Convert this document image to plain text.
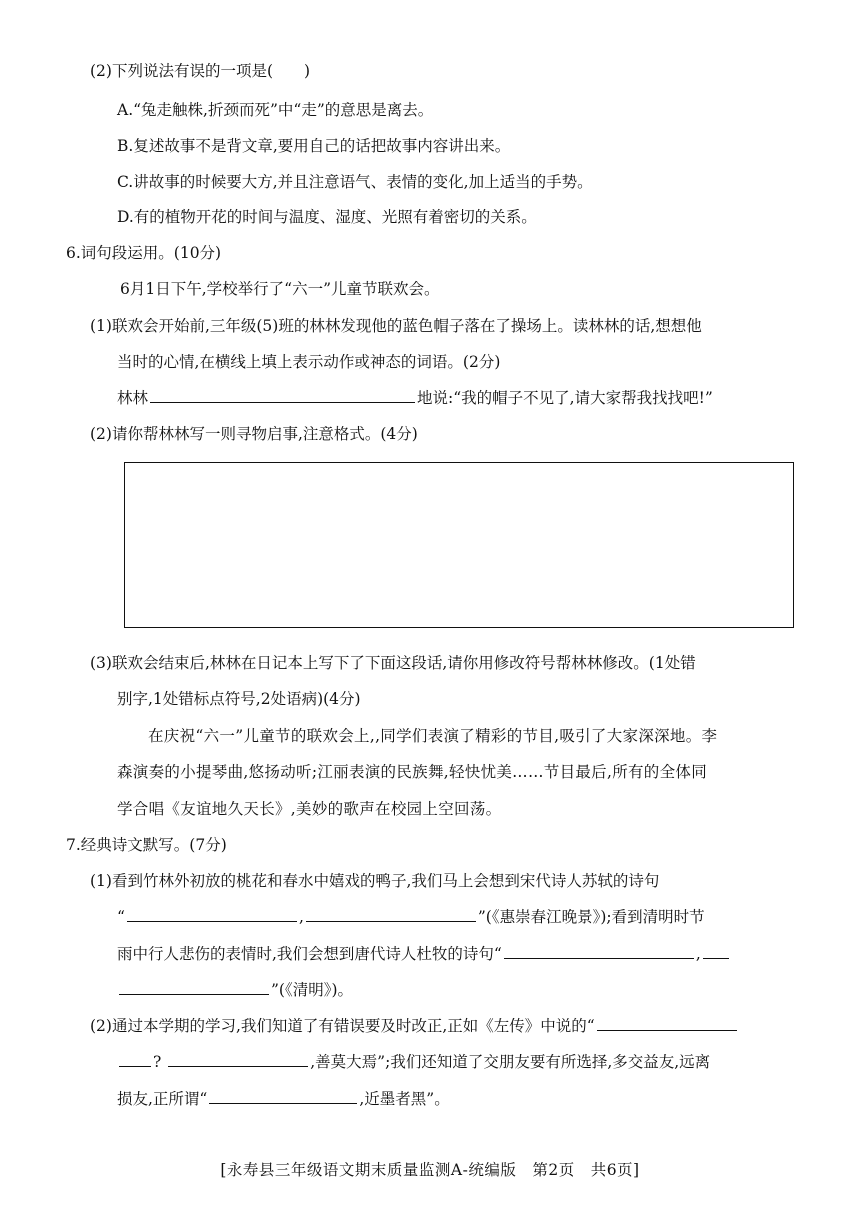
(2)下列说法有误的一项是(　　)
A.“兔走触株,折颈而死”中“走”的意思是离去。
B.复述故事不是背文章,要用自己的话把故事内容讲出来。
C.讲故事的时候要大方,并且注意语气、表情的变化,加上适当的手势。
D.有的植物开花的时间与温度、湿度、光照有着密切的关系。
6.词句段运用。(10分)
6月1日下午,学校举行了“六一”儿童节联欢会。
(1)联欢会开始前,三年级(5)班的林林发现他的蓝色帽子落在了操场上。读林林的话,想想他
当时的心情,在横线上填上表示动作或神态的词语。(2分)
林林	地说:“我的帽子不见了,请大家帮我找找吧!”
(2)请你帮林林写一则寻物启事,注意格式。(4分)
(3)联欢会结束后,林林在日记本上写下了下面这段话,请你用修改符号帮林林修改。(1处错
别字,1处错标点符号,2处语病)(4分)
在庆祝“六一”儿童节的联欢会上,,同学们表演了精彩的节目,吸引了大家深深地。李
森演奏的小提琴曲,悠扬动听;江丽表演的民族舞,轻快忧美……节目最后,所有的全体同
学合唱《友谊地久天长》,美妙的歌声在校园上空回荡。
7.经典诗文默写。(7分)
(1)看到竹林外初放的桃花和春水中嬉戏的鸭子,我们马上会想到宋代诗人苏轼的诗句
“	,	”(《惠崇春江晚景》);看到清明时节
雨中行人悲伤的表情时,我们会想到唐代诗人杜牧的诗句“	,
”(《清明》)。
(2)通过本学期的学习,我们知道了有错误要及时改正,正如《左传》中说的“
?	,善莫大焉”;我们还知道了交朋友要有所选择,多交益友,远离
损友,正所谓“	,近墨者黑”。
[永寿县三年级语文期末质量监测A-统编版　第2页　共6页]
